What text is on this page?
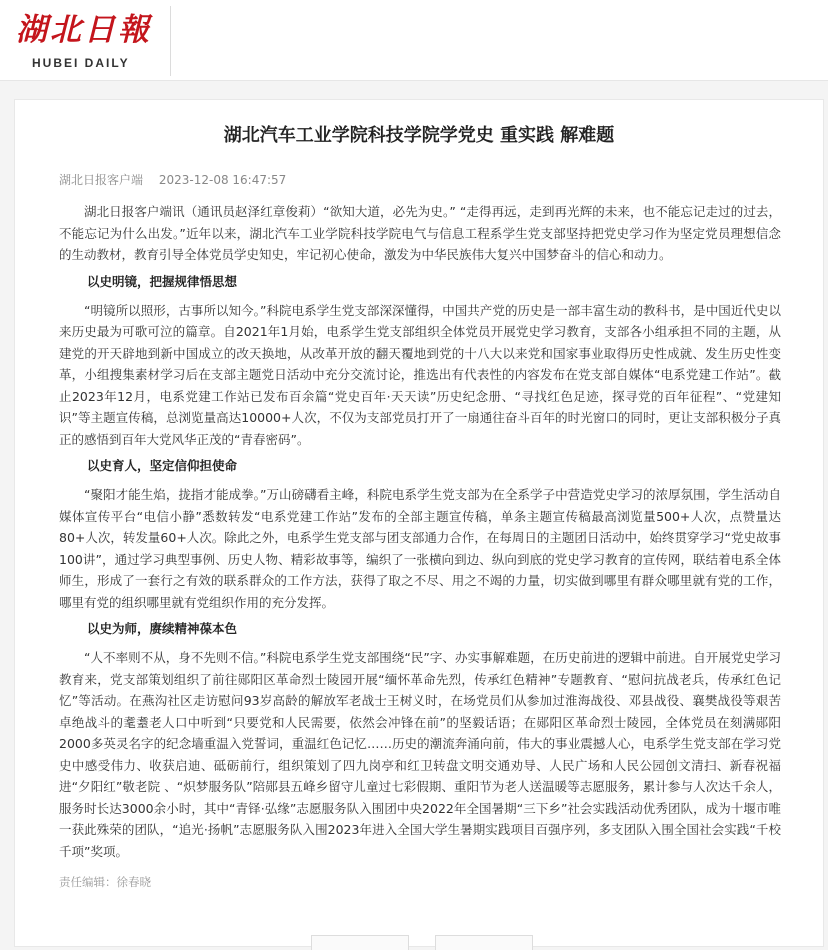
湖北日報
HUBEI DAILY
湖北汽车工业学院科技学院学党史 重实践 解难题
湖北日报客户端 2023-12-08 16:47:57

湖北日报客户端讯（通讯员赵泽红章俊莉）“欲知大道，必先为史。” “走得再远，走到再光辉的未来，也不能忘记走过的过去，不能忘记为什么出发。”近年以来，湖北汽车工业学院科技学院电气与信息工程系学生党支部坚持把党史学习作为坚定党员理想信念的生动教材，教育引导全体党员学史知史，牢记初心使命，激发为中华民族伟大复兴中国梦奋斗的信心和动力。

以史明镜，把握规律悟思想

“明镜所以照形，古事所以知今。”科院电系学生党支部深深懂得，中国共产党的历史是一部丰富生动的教科书，是中国近代史以来历史最为可歌可泣的篇章。自2021年1月始，电系学生党支部组织全体党员开展党史学习教育，支部各小组承担不同的主题，从建党的开天辟地到新中国成立的改天换地，从改革开放的翻天覆地到党的十八大以来党和国家事业取得历史性成就、发生历史性变革，小组搜集素材学习后在支部主题党日活动中充分交流讨论，推选出有代表性的内容发布在党支部自媒体“电系党建工作站”。截止2023年12月，电系党建工作站已发布百余篇“党史百年·天天读”历史纪念册、“寻找红色足迹，探寻党的百年征程”、“党建知识”等主题宣传稿，总浏览量高达10000+人次，不仅为支部党员打开了一扇通往奋斗百年的时光窗口的同时，更让支部积极分子真正的感悟到百年大党风华正茂的“青春密码”。

以史育人，坚定信仰担使命

“聚阳才能生焰，拢指才能成拳。”万山磅礴看主峰，科院电系学生党支部为在全系学子中营造党史学习的浓厚氛围，学生活动自媒体宣传平台“电信小静”悉数转发“电系党建工作站”发布的全部主题宣传稿，单条主题宣传稿最高浏览量500+人次，点赞量达80+人次，转发量60+人次。除此之外，电系学生党支部与团支部通力合作，在每周日的主题团日活动中，始终贯穿学习“党史故事100讲”，通过学习典型事例、历史人物、精彩故事等，编织了一张横向到边、纵向到底的党史学习教育的宣传网，联结着电系全体师生，形成了一套行之有效的联系群众的工作方法，获得了取之不尽、用之不竭的力量，切实做到哪里有群众哪里就有党的工作，哪里有党的组织哪里就有党组织作用的充分发挥。

以史为师，赓续精神葆本色

“人不率则不从，身不先则不信。”科院电系学生党支部围绕“民”字、办实事解难题，在历史前进的逻辑中前进。自开展党史学习教育来，党支部策划组织了前往郧阳区革命烈士陵园开展“缅怀革命先烈，传承红色精神”专题教育、“慰问抗战老兵，传承红色记忆”等活动。在燕沟社区走访慰问93岁高龄的解放军老战士王树义时，在场党员们从参加过淮海战役、邓县战役、襄樊战役等艰苦卓绝战斗的耄耋老人口中听到“只要党和人民需要，依然会冲锋在前”的坚毅话语；在郧阳区革命烈士陵园，全体党员在刻满郧阳2000多英灵名字的纪念墙重温入党誓词，重温红色记忆……历史的潮流奔涌向前，伟大的事业震撼人心，电系学生党支部在学习党史中感受伟力、收获启迪、砥砺前行，组织策划了四九岗亭和红卫转盘文明交通劝导、人民广场和人民公园创文清扫、新春祝福进“夕阳红”敬老院 、“炽梦服务队”陪郧县五峰乡留守儿童过七彩假期、重阳节为老人送温暖等志愿服务，累计参与人次达千余人，服务时长达3000余小时，其中“青铎·弘缘”志愿服务队入围团中央2022年全国暑期“三下乡”社会实践活动优秀团队，成为十堰市唯一获此殊荣的团队，“追光·扬帆”志愿服务队入围2023年进入全国大学生暑期实践项目百强序列，多支团队入围全国社会实践“千校千项”奖项。

责任编辑：徐春晓
